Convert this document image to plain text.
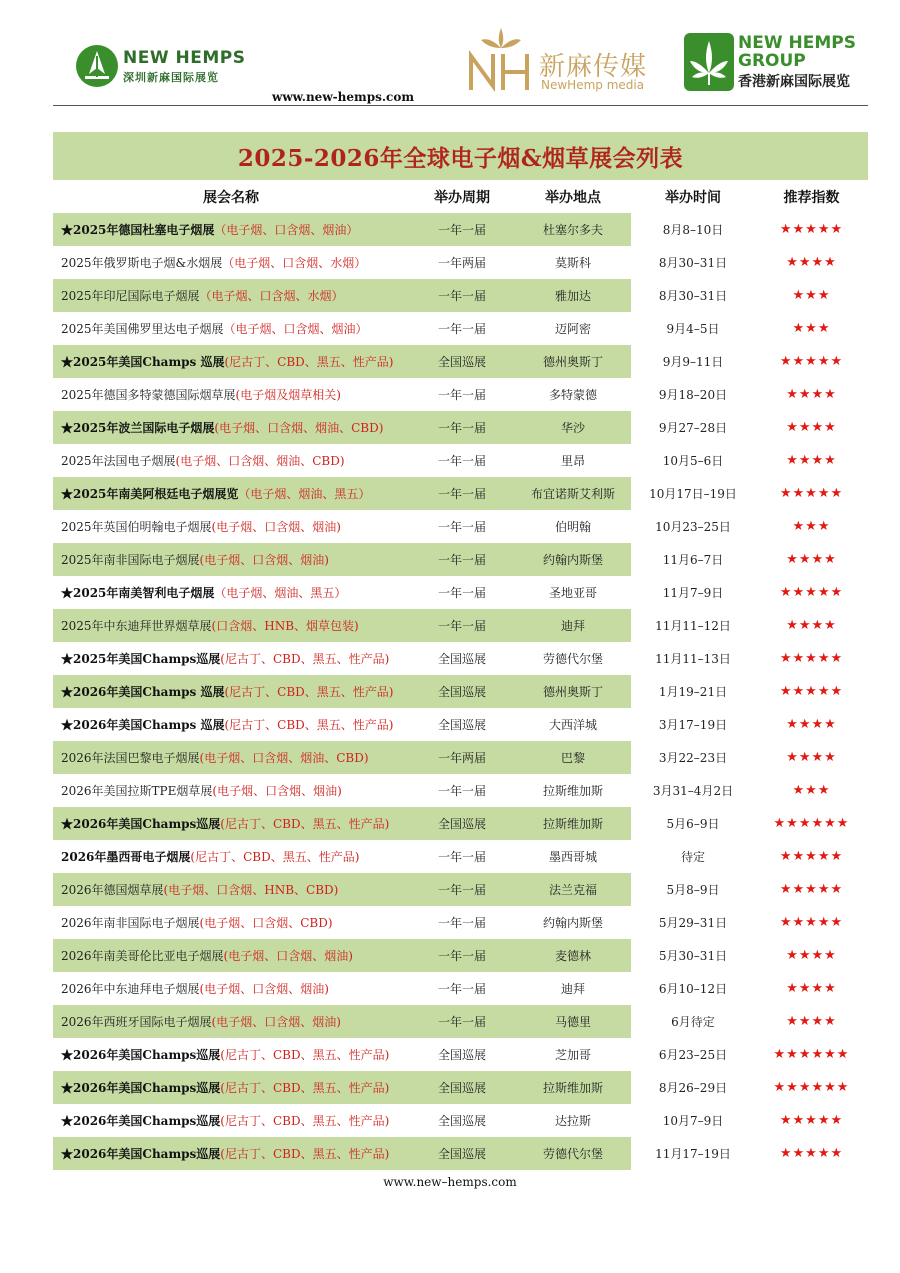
NEW HEMPS
深圳新麻国际展览
www.new-hemps.com
新麻传媒
NewHemp media
NEW HEMPS
GROUP
香港新麻国际展览
2025-2026年全球电子烟&烟草展会列表
展会名称	举办周期	举办地点	举办时间	推荐指数
★2025年德国杜塞电子烟展（电子烟、口含烟、烟油）	一年一届	杜塞尔多夫	8月8–10日	★★★★★
2025年俄罗斯电子烟&水烟展（电子烟、口含烟、水烟）	一年两届	莫斯科	8月30–31日	★★★★
2025年印尼国际电子烟展（电子烟、口含烟、水烟）	一年一届	雅加达	8月30–31日	★★★
2025年美国佛罗里达电子烟展（电子烟、口含烟、烟油）	一年一届	迈阿密	9月4–5日	★★★
★2025年美国Champs 巡展(尼古丁、CBD、黑五、性产品)	全国巡展	德州奥斯丁	9月9–11日	★★★★★
2025年德国多特蒙德国际烟草展(电子烟及烟草相关)	一年一届	多特蒙德	9月18–20日	★★★★
★2025年波兰国际电子烟展(电子烟、口含烟、烟油、CBD)	一年一届	华沙	9月27–28日	★★★★
2025年法国电子烟展(电子烟、口含烟、烟油、CBD)	一年一届	里昂	10月5–6日	★★★★
★2025年南美阿根廷电子烟展览（电子烟、烟油、黑五）	一年一届	布宜诺斯艾利斯	10月17日–19日	★★★★★
2025年英国伯明翰电子烟展(电子烟、口含烟、烟油)	一年一届	伯明翰	10月23–25日	★★★
2025年南非国际电子烟展(电子烟、口含烟、烟油)	一年一届	约翰内斯堡	11月6–7日	★★★★
★2025年南美智利电子烟展（电子烟、烟油、黑五）	一年一届	圣地亚哥	11月7–9日	★★★★★
2025年中东迪拜世界烟草展(口含烟、HNB、烟草包装)	一年一届	迪拜	11月11–12日	★★★★
★2025年美国Champs巡展(尼古丁、CBD、黑五、性产品)	全国巡展	劳德代尔堡	11月11–13日	★★★★★
★2026年美国Champs 巡展(尼古丁、CBD、黑五、性产品)	全国巡展	德州奥斯丁	1月19–21日	★★★★★
★2026年美国Champs 巡展(尼古丁、CBD、黑五、性产品)	全国巡展	大西洋城	3月17–19日	★★★★
2026年法国巴黎电子烟展(电子烟、口含烟、烟油、CBD)	一年两届	巴黎	3月22–23日	★★★★
2026年美国拉斯TPE烟草展(电子烟、口含烟、烟油)	一年一届	拉斯维加斯	3月31–4月2日	★★★
★2026年美国Champs巡展(尼古丁、CBD、黑五、性产品)	全国巡展	拉斯维加斯	5月6–9日	★★★★★★
2026年墨西哥电子烟展(尼古丁、CBD、黑五、性产品)	一年一届	墨西哥城	待定	★★★★★
2026年德国烟草展(电子烟、口含烟、HNB、CBD)	一年一届	法兰克福	5月8–9日	★★★★★
2026年南非国际电子烟展(电子烟、口含烟、CBD)	一年一届	约翰内斯堡	5月29–31日	★★★★★
2026年南美哥伦比亚电子烟展(电子烟、口含烟、烟油)	一年一届	麦德林	5月30–31日	★★★★
2026年中东迪拜电子烟展(电子烟、口含烟、烟油)	一年一届	迪拜	6月10–12日	★★★★
2026年西班牙国际电子烟展(电子烟、口含烟、烟油)	一年一届	马德里	6月待定	★★★★
★2026年美国Champs巡展(尼古丁、CBD、黑五、性产品)	全国巡展	芝加哥	6月23–25日	★★★★★★
★2026年美国Champs巡展(尼古丁、CBD、黑五、性产品)	全国巡展	拉斯维加斯	8月26–29日	★★★★★★
★2026年美国Champs巡展(尼古丁、CBD、黑五、性产品)	全国巡展	达拉斯	10月7–9日	★★★★★
★2026年美国Champs巡展(尼古丁、CBD、黑五、性产品)	全国巡展	劳德代尔堡	11月17–19日	★★★★★
www.new–hemps.com
